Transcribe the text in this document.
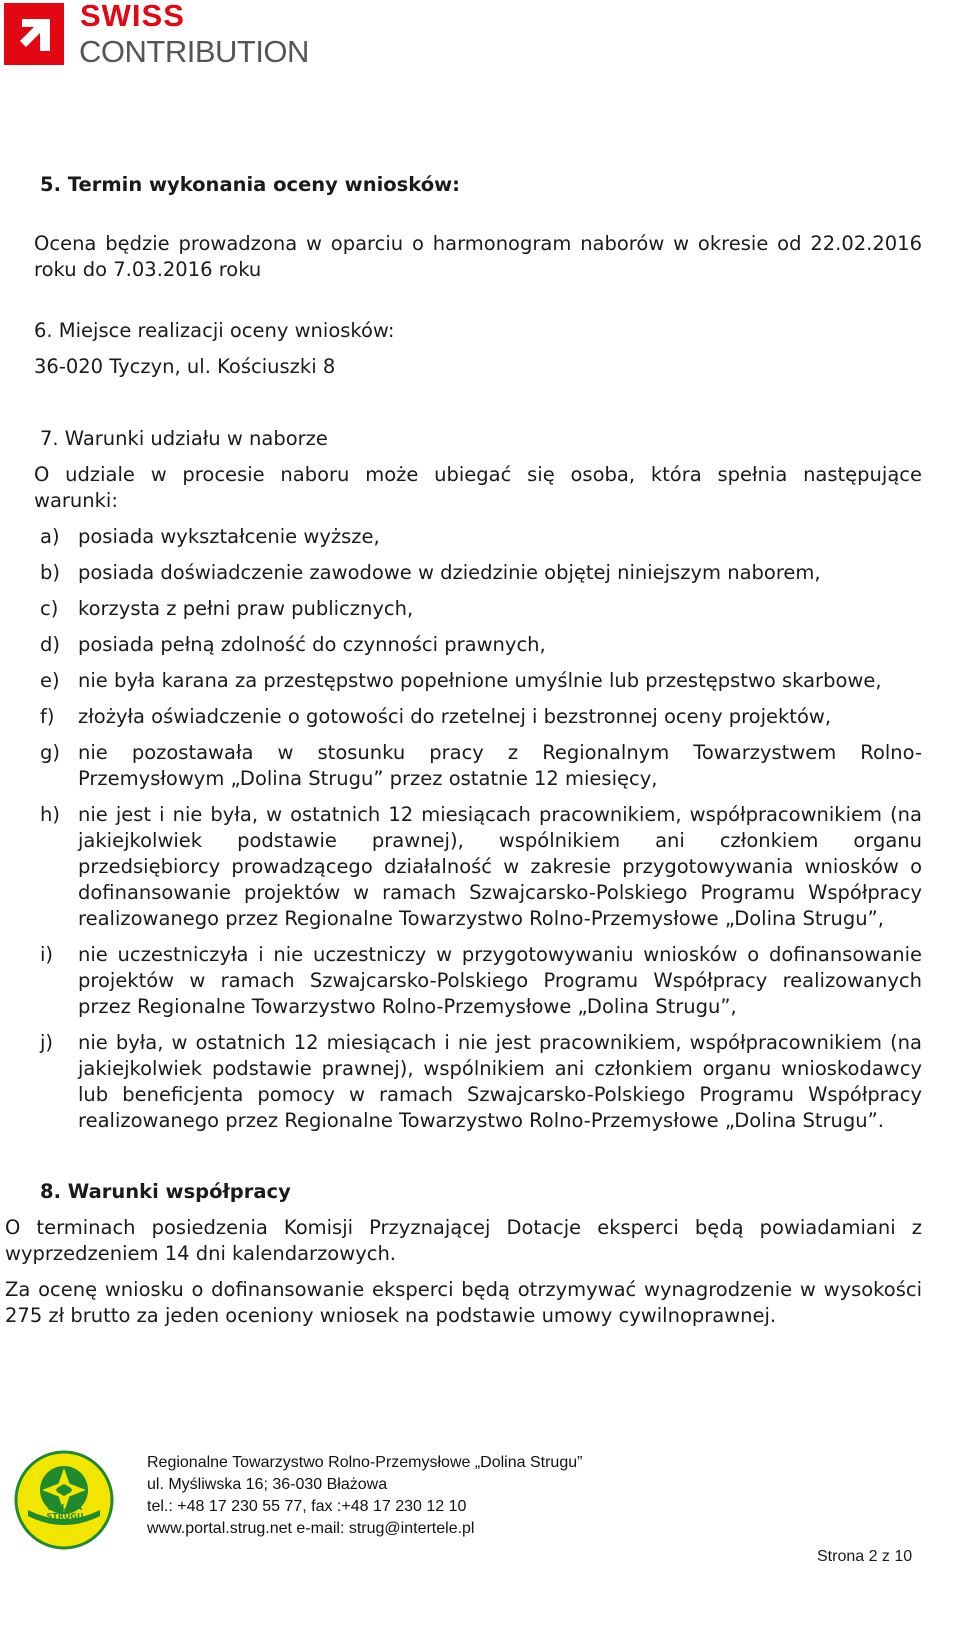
SWISS
CONTRIBUTION
5. Termin wykonania oceny wniosków:
Ocena będzie prowadzona w oparciu o harmonogram naborów w okresie od 22.02.2016
roku do 7.03.2016 roku
6. Miejsce realizacji oceny wniosków:
36-020 Tyczyn, ul. Kościuszki 8
7. Warunki udziału w naborze
O udziale w procesie naboru może ubiegać się osoba, która spełnia następujące
warunki:
a) posiada wykształcenie wyższe,
b) posiada doświadczenie zawodowe w dziedzinie objętej niniejszym naborem,
c) korzysta z pełni praw publicznych,
d) posiada pełną zdolność do czynności prawnych,
e) nie była karana za przestępstwo popełnione umyślnie lub przestępstwo skarbowe,
f) złożyła oświadczenie o gotowości do rzetelnej i bezstronnej oceny projektów,
g) nie pozostawała w stosunku pracy z Regionalnym Towarzystwem Rolno-
Przemysłowym „Dolina Strugu” przez ostatnie 12 miesięcy,
h) nie jest i nie była, w ostatnich 12 miesiącach pracownikiem, współpracownikiem (na
jakiejkolwiek podstawie prawnej), wspólnikiem ani członkiem organu
przedsiębiorcy prowadzącego działalność w zakresie przygotowywania wniosków o
dofinansowanie projektów w ramach Szwajcarsko-Polskiego Programu Współpracy
realizowanego przez Regionalne Towarzystwo Rolno-Przemysłowe „Dolina Strugu”,
i) nie uczestniczyła i nie uczestniczy w przygotowywaniu wniosków o dofinansowanie
projektów w ramach Szwajcarsko-Polskiego Programu Współpracy realizowanych
przez Regionalne Towarzystwo Rolno-Przemysłowe „Dolina Strugu”,
j) nie była, w ostatnich 12 miesiącach i nie jest pracownikiem, współpracownikiem (na
jakiejkolwiek podstawie prawnej), wspólnikiem ani członkiem organu wnioskodawcy
lub beneficjenta pomocy w ramach Szwajcarsko-Polskiego Programu Współpracy
realizowanego przez Regionalne Towarzystwo Rolno-Przemysłowe „Dolina Strugu”.
8. Warunki współpracy
O terminach posiedzenia Komisji Przyznającej Dotacje eksperci będą powiadamiani z
wyprzedzeniem 14 dni kalendarzowych.
Za ocenę wniosku o dofinansowanie eksperci będą otrzymywać wynagrodzenie w wysokości
275 zł brutto za jeden oceniony wniosek na podstawie umowy cywilnoprawnej.
DOLINA STRUGU
Regionalne Towarzystwo Rolno-Przemysłowe „Dolina Strugu”
ul. Myśliwska 16; 36-030 Błażowa
tel.: +48 17 230 55 77, fax :+48 17 230 12 10
www.portal.strug.net e-mail: strug@intertele.pl
Strona 2 z 10
